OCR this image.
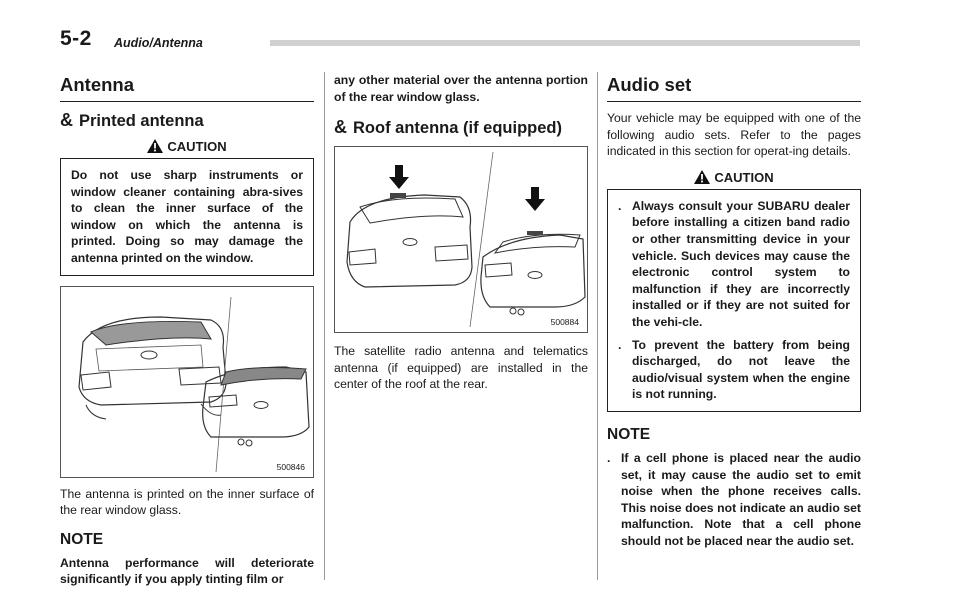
5-2 Audio/Antenna
Antenna
& Printed antenna
CAUTION
Do not use sharp instruments or window cleaner containing abra-sives to clean the inner surface of the window on which the antenna is printed. Doing so may damage the antenna printed on the window.
500846

The antenna is printed on the inner surface of the rear window glass.

NOTE

Antenna performance will deteriorate significantly if you apply tinting film or

any other material over the antenna portion of the rear window glass.

& Roof antenna (if equipped)
500884

The satellite radio antenna and telematics antenna (if equipped) are installed in the center of the roof at the rear.

Audio set

Your vehicle may be equipped with one of the following audio sets. Refer to the pages indicated in this section for operat-ing details.

CAUTION
. Always consult your SUBARU dealer before installing a citizen band radio or other transmitting device in your vehicle. Such devices may cause the electronic control system to malfunction if they are incorrectly installed or if they are not suited for the vehi-cle.
. To prevent the battery from being discharged, do not leave the audio/visual system when the engine is not running.
NOTE
. If a cell phone is placed near the audio set, it may cause the audio set to emit noise when the phone receives calls. This noise does not indicate an audio set malfunction. Note that a cell phone should not be placed near the audio set.
